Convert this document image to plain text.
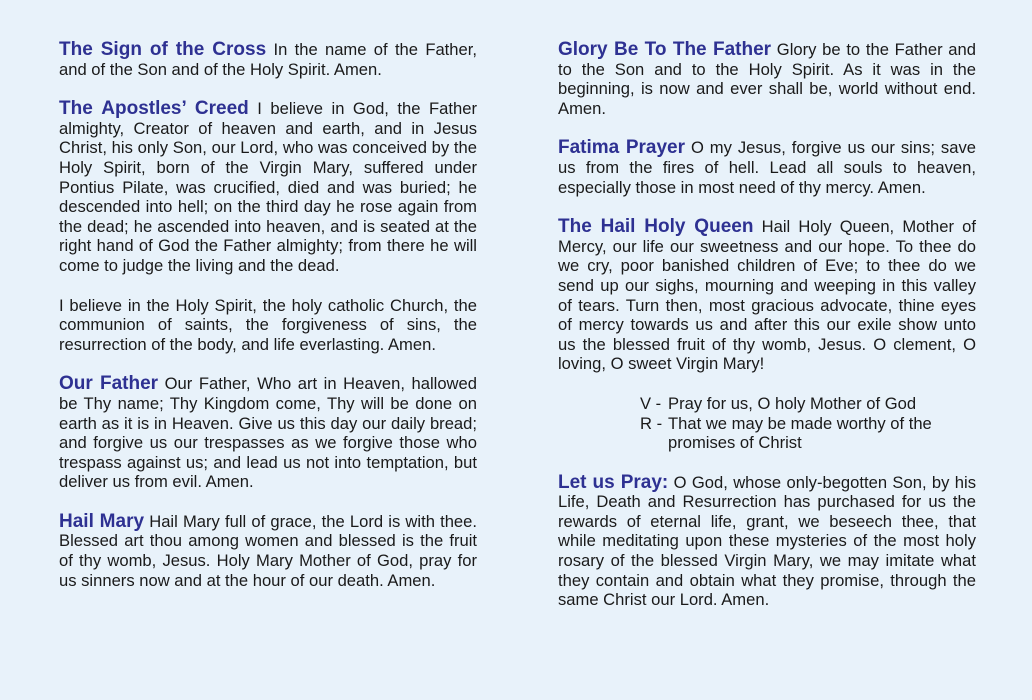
The Sign of the Cross In the name of the Father, and of the Son and of the Holy Spirit. Amen.

The Apostles’ Creed I believe in God, the Father almighty, Creator of heaven and earth, and in Jesus Christ, his only Son, our Lord, who was conceived by the Holy Spirit, born of the Virgin Mary, suffered under Pontius Pilate, was crucified, died and was buried; he descended into hell; on the third day he rose again from the dead; he ascended into heaven, and is seated at the right hand of God the Father almighty; from there he will come to judge the living and the dead.

I believe in the Holy Spirit, the holy catholic Church, the communion of saints, the forgiveness of sins, the resurrection of the body, and life everlasting. Amen.

Our Father Our Father, Who art in Heaven, hallowed be Thy name; Thy Kingdom come, Thy will be done on earth as it is in Heaven. Give us this day our daily bread; and forgive us our trespasses as we forgive those who trespass against us; and lead us not into temptation, but deliver us from evil. Amen.

Hail Mary Hail Mary full of grace, the Lord is with thee. Blessed art thou among women and blessed is the fruit of thy womb, Jesus. Holy Mary Mother of God, pray for us sinners now and at the hour of our death. Amen.

Glory Be To The Father Glory be to the Father and to the Son and to the Holy Spirit. As it was in the beginning, is now and ever shall be, world without end. Amen.

Fatima Prayer O my Jesus, forgive us our sins; save us from the fires of hell. Lead all souls to heaven, especially those in most need of thy mercy. Amen.

The Hail Holy Queen Hail Holy Queen, Mother of Mercy, our life our sweetness and our hope. To thee do we cry, poor banished children of Eve; to thee do we send up our sighs, mourning and weeping in this valley of tears. Turn then, most gracious advocate, thine eyes of mercy towards us and after this our exile show unto us the blessed fruit of thy womb, Jesus. O clement, O loving, O sweet Virgin Mary!

V - Pray for us, O holy Mother of God
R - That we may be made worthy of the promises of Christ

Let us Pray: O God, whose only-begotten Son, by his Life, Death and Resurrection has purchased for us the rewards of eternal life, grant, we beseech thee, that while meditating upon these mysteries of the most holy rosary of the blessed Virgin Mary, we may imitate what they contain and obtain what they promise, through the same Christ our Lord. Amen.
